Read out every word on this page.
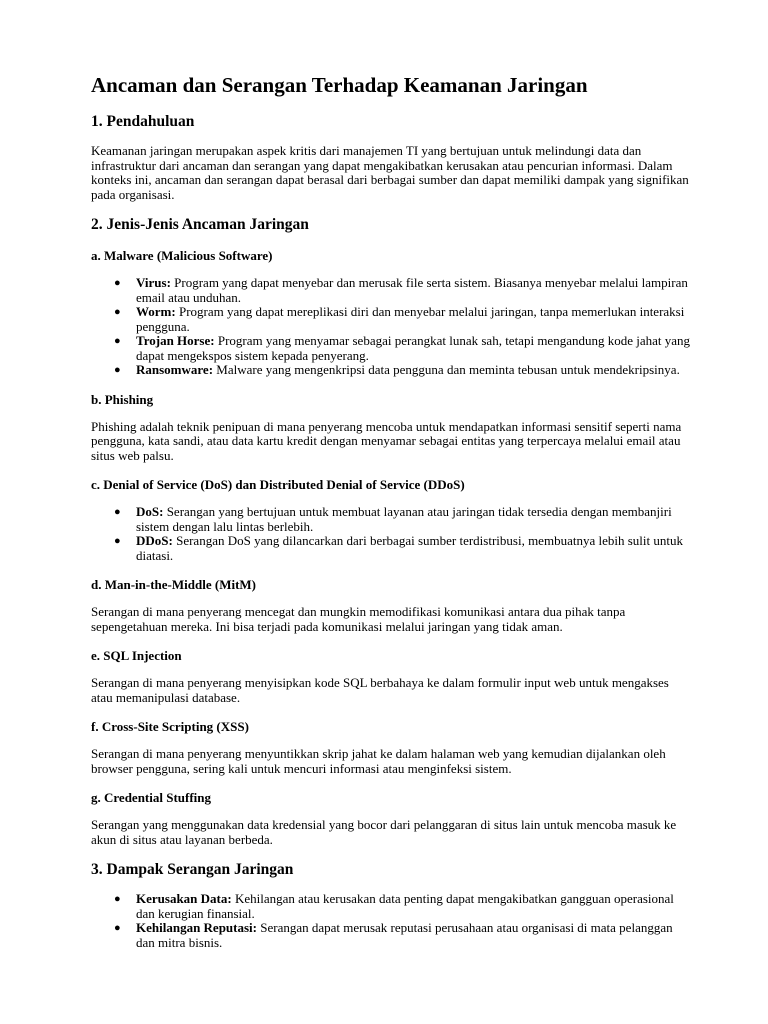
Ancaman dan Serangan Terhadap Keamanan Jaringan
1. Pendahuluan

Keamanan jaringan merupakan aspek kritis dari manajemen TI yang bertujuan untuk melindungi data dan infrastruktur dari ancaman dan serangan yang dapat mengakibatkan kerusakan atau pencurian informasi. Dalam konteks ini, ancaman dan serangan dapat berasal dari berbagai sumber dan dapat memiliki dampak yang signifikan pada organisasi.

2. Jenis-Jenis Ancaman Jaringan
a. Malware (Malicious Software)
● Virus: Program yang dapat menyebar dan merusak file serta sistem. Biasanya menyebar melalui lampiran email atau unduhan.
● Worm: Program yang dapat mereplikasi diri dan menyebar melalui jaringan, tanpa memerlukan interaksi pengguna.
● Trojan Horse: Program yang menyamar sebagai perangkat lunak sah, tetapi mengandung kode jahat yang dapat mengekspos sistem kepada penyerang.
● Ransomware: Malware yang mengenkripsi data pengguna dan meminta tebusan untuk mendekripsinya.
b. Phishing

Phishing adalah teknik penipuan di mana penyerang mencoba untuk mendapatkan informasi sensitif seperti nama pengguna, kata sandi, atau data kartu kredit dengan menyamar sebagai entitas yang terpercaya melalui email atau situs web palsu.

c. Denial of Service (DoS) dan Distributed Denial of Service (DDoS)
● DoS: Serangan yang bertujuan untuk membuat layanan atau jaringan tidak tersedia dengan membanjiri sistem dengan lalu lintas berlebih.
● DDoS: Serangan DoS yang dilancarkan dari berbagai sumber terdistribusi, membuatnya lebih sulit untuk diatasi.
d. Man-in-the-Middle (MitM)

Serangan di mana penyerang mencegat dan mungkin memodifikasi komunikasi antara dua pihak tanpa sepengetahuan mereka. Ini bisa terjadi pada komunikasi melalui jaringan yang tidak aman.

e. SQL Injection

Serangan di mana penyerang menyisipkan kode SQL berbahaya ke dalam formulir input web untuk mengakses atau memanipulasi database.

f. Cross-Site Scripting (XSS)

Serangan di mana penyerang menyuntikkan skrip jahat ke dalam halaman web yang kemudian dijalankan oleh browser pengguna, sering kali untuk mencuri informasi atau menginfeksi sistem.

g. Credential Stuffing

Serangan yang menggunakan data kredensial yang bocor dari pelanggaran di situs lain untuk mencoba masuk ke akun di situs atau layanan berbeda.

3. Dampak Serangan Jaringan
● Kerusakan Data: Kehilangan atau kerusakan data penting dapat mengakibatkan gangguan operasional dan kerugian finansial.
● Kehilangan Reputasi: Serangan dapat merusak reputasi perusahaan atau organisasi di mata pelanggan dan mitra bisnis.
